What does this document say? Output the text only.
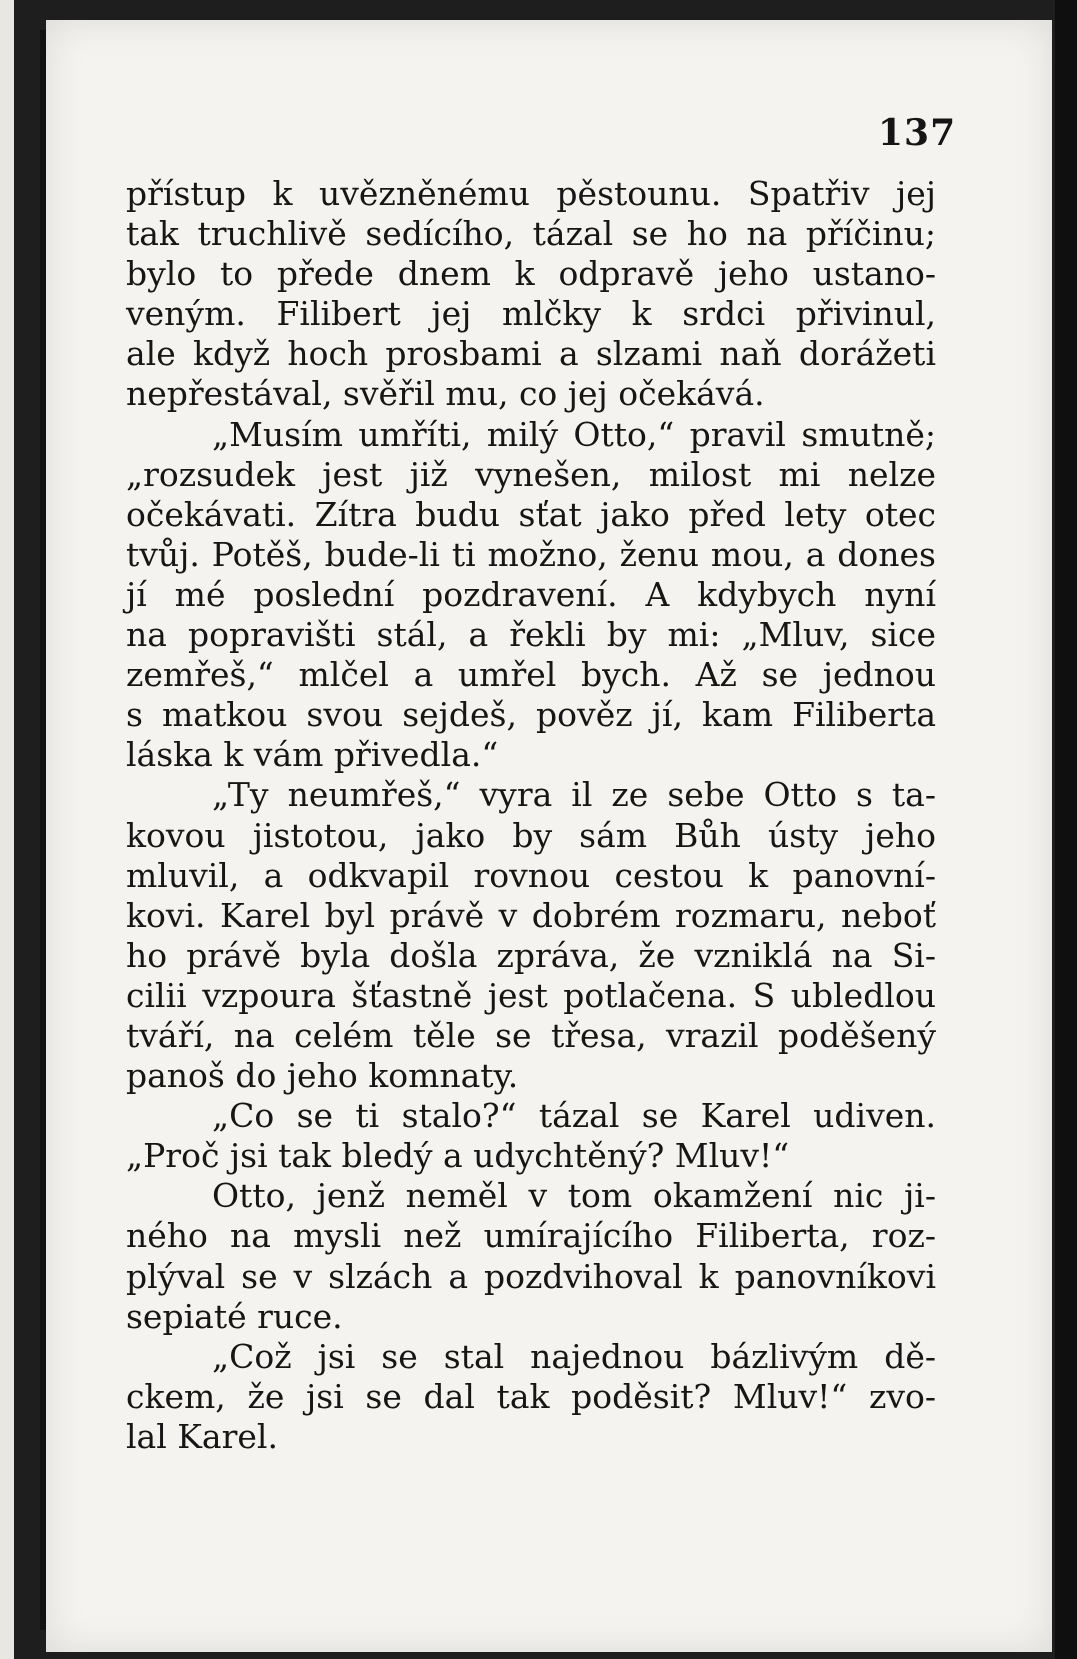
137
přístup k uvězněnému pěstounu. Spatřiv jej
tak truchlivě sedícího, tázal se ho na příčinu;
bylo to přede dnem k odpravě jeho ustano-
veným. Filibert jej mlčky k srdci přivinul,
ale když hoch prosbami a slzami naň dorážeti
nepřestával, svěřil mu, co jej očekává.
„Musím umříti, milý Otto,“ pravil smutně;
„rozsudek jest již vynešen, milost mi nelze
očekávati. Zítra budu sťat jako před lety otec
tvůj. Potěš, bude-li ti možno, ženu mou, a dones
jí mé poslední pozdravení. A kdybych nyní
na popravišti stál, a řekli by mi: „Mluv, sice
zemřeš,“ mlčel a umřel bych. Až se jednou
s matkou svou sejdeš, pověz jí, kam Filiberta
láska k vám přivedla.“
„Ty neumřeš,“ vyra il ze sebe Otto s ta-
kovou jistotou, jako by sám Bůh ústy jeho
mluvil, a odkvapil rovnou cestou k panovní-
kovi. Karel byl právě v dobrém rozmaru, neboť
ho právě byla došla zpráva, že vzniklá na Si-
cilii vzpoura šťastně jest potlačena. S ubledlou
tváří, na celém těle se třesa, vrazil poděšený
panoš do jeho komnaty.
„Co se ti stalo?“ tázal se Karel udiven.
„Proč jsi tak bledý a udychtěný? Mluv!“
Otto, jenž neměl v tom okamžení nic ji-
ného na mysli než umírajícího Filiberta, roz-
plýval se v slzách a pozdvihoval k panovníkovi
sepiaté ruce.
„Což jsi se stal najednou bázlivým dě-
ckem, že jsi se dal tak poděsit? Mluv!“ zvo-
lal Karel.
